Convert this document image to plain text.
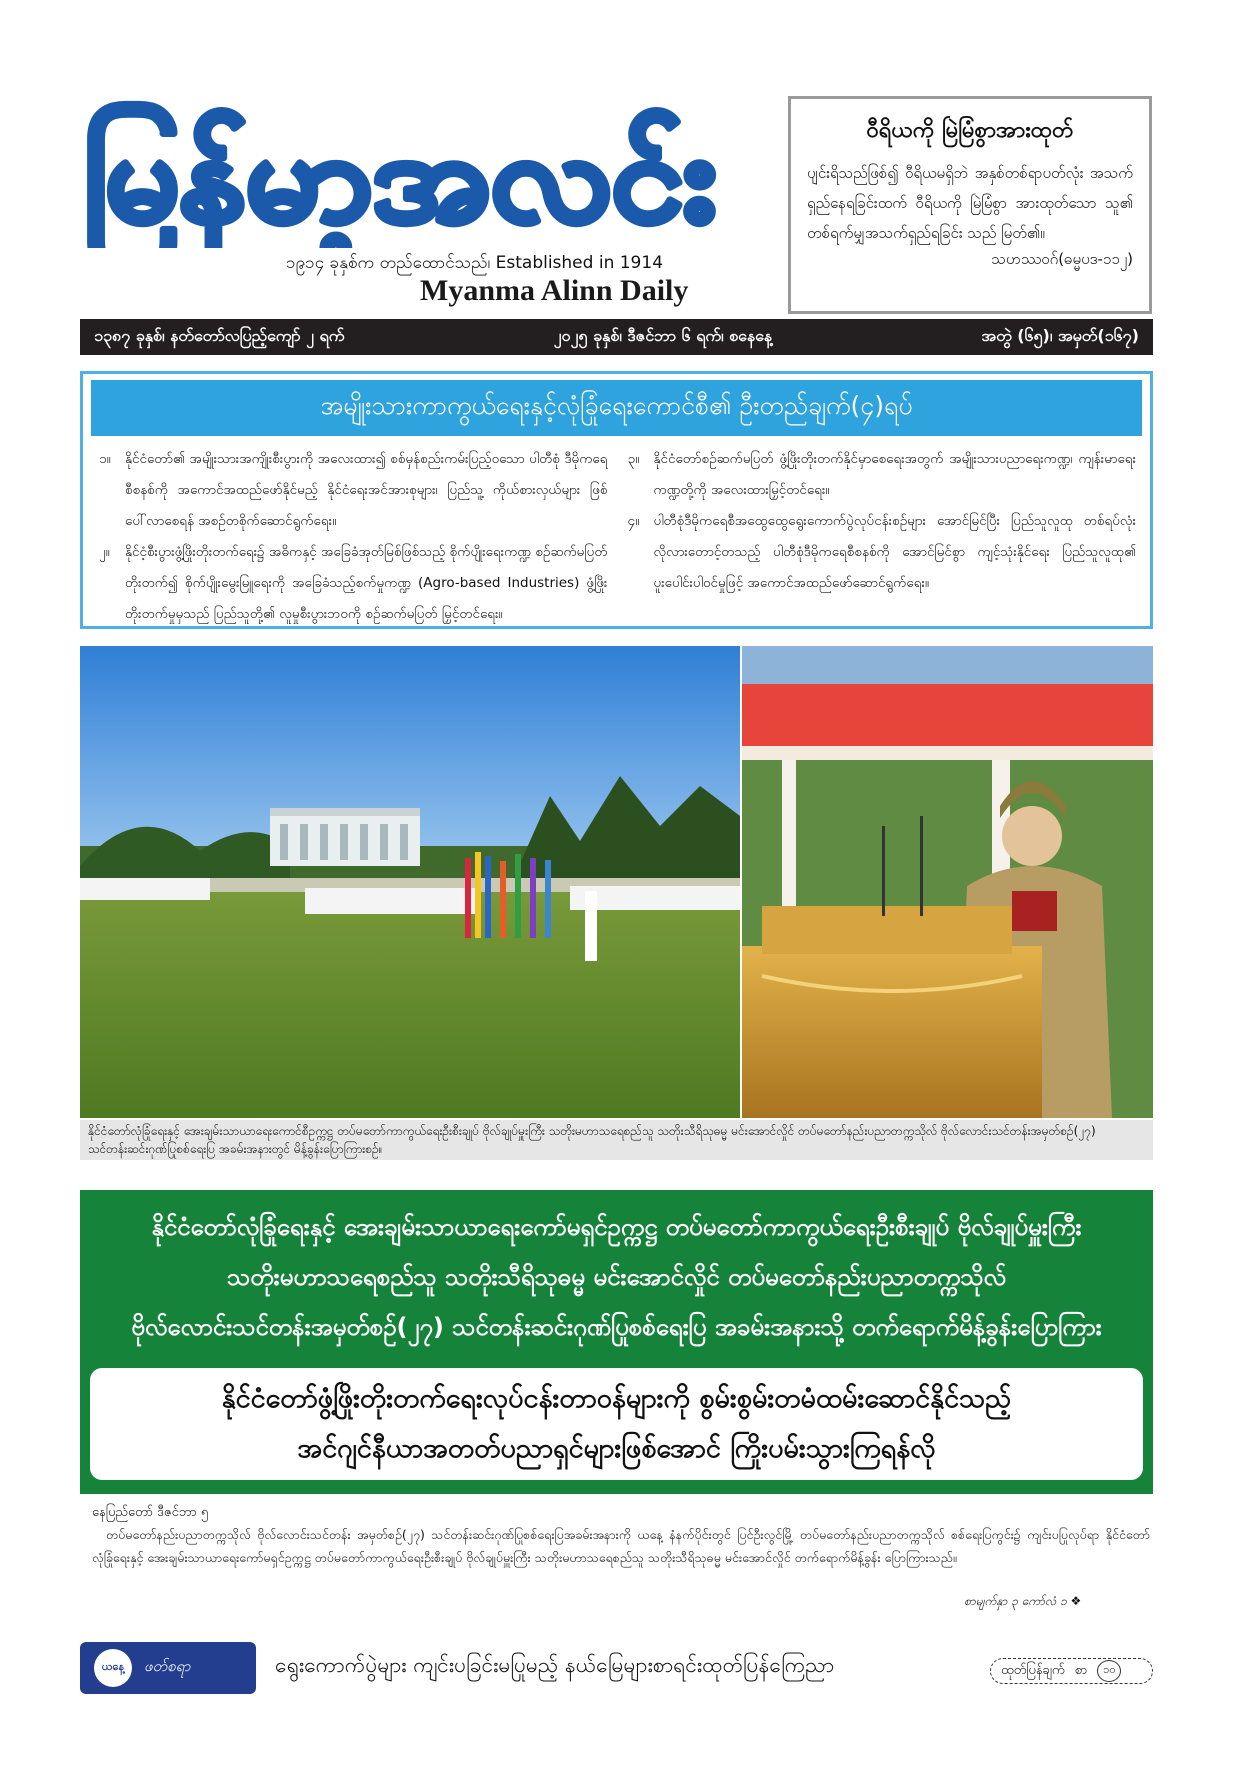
မြန်မာ့အလင်း
၁၉၁၄ ခုနှစ်က တည်ထောင်သည်၊ Established in 1914
Myanma Alinn Daily
ဝီရိယကို မြဲမြံစွာအားထုတ်
ပျင်းရိသည်ဖြစ်၍ ဝီရိယမရှိဘဲ အနှစ်တစ်ရာပတ်လုံး အသက်ရှည်နေရခြင်းထက် ဝီရိယကို မြဲမြံစွာ အားထုတ်သော သူ၏ တစ်ရက်မျှအသက်ရှည်ရခြင်း သည် မြတ်၏။
သဟဿဝဂ်(ဓမ္မပဒ-၁၁၂)
၁၃၈၇ ခုနှစ်၊ နတ်တော်လပြည့်ကျော် ၂ ရက်	၂၀၂၅ ခုနှစ်၊ ဒီဇင်ဘာ ၆ ရက်၊ စနေနေ့	အတွဲ (၆၅)၊ အမှတ်(၁၆၇)
အမျိုးသားကာကွယ်ရေးနှင့်လုံခြုံရေးကောင်စီ၏ ဦးတည်ချက်(၄)ရပ်
၁။	နိုင်ငံတော်၏ အမျိုးသားအကျိုးစီးပွားကို အလေးထား၍ စစ်မှန်စည်းကမ်းပြည့်ဝသော ပါတီစုံ ဒီမိုကရေစီစနစ်ကို အကောင်အထည်ဖော်နိုင်မည့် နိုင်ငံရေးအင်အားစုများ၊ ပြည်သူ့ ကိုယ်စားလှယ်များ ဖြစ်ပေါ်လာစေရန် အစဉ်တစိုက်ဆောင်ရွက်ရေး။
၂။	နိုင်ငံ့စီးပွားဖွံ့ဖြိုးတိုးတက်ရေး၌ အဓိကနှင့် အခြေခံအုတ်မြစ်ဖြစ်သည့် စိုက်ပျိုးရေးကဏ္ဍ စဉ်ဆက်မပြတ်တိုးတက်၍ စိုက်ပျိုးမွေးမြူရေးကို အခြေခံသည့်စက်မှုကဏ္ဍ (Agro-based Industries) ဖွံ့ဖြိုးတိုးတက်မှုမှသည် ပြည်သူတို့၏ လူမှုစီးပွားဘဝကို စဉ်ဆက်မပြတ် မြှင့်တင်ရေး။
၃။	နိုင်ငံတော်စဉ်ဆက်မပြတ် ဖွံ့ဖြိုးတိုးတက်နိုင်မှာစေရေးအတွက် အမျိုးသားပညာရေးကဏ္ဍ၊ ကျန်းမာရေးကဏ္ဍတို့ကို အလေးထားမြှင့်တင်ရေး။
၄။	ပါတီစုံဒီမိုကရေစီအထွေထွေရွေးကောက်ပွဲလုပ်ငန်းစဉ်များ အောင်မြင်ပြီး ပြည်သူလူထု တစ်ရပ်လုံး လိုလားတောင့်တသည့် ပါတီစုံဒီမိုကရေစီစနစ်ကို အောင်မြင်စွာ ကျင့်သုံးနိုင်ရေး ပြည်သူလူထု၏ ပူးပေါင်းပါဝင်မှုဖြင့် အကောင်အထည်ဖော်ဆောင်ရွက်ရေး။
နိုင်ငံတော်လုံခြုံရေးနှင့် အေးချမ်းသာယာရေးကောင်စီဥက္ကဋ္ဌ တပ်မတော်ကာကွယ်ရေးဦးစီးချုပ် ဗိုလ်ချုပ်မှူးကြီး သတိုးမဟာသရေစည်သူ သတိုးသီရိသုဓမ္မ မင်းအောင်လှိုင် တပ်မတော်နည်းပညာတက္ကသိုလ် ဗိုလ်လောင်းသင်တန်းအမှတ်စဉ်(၂၇) သင်တန်းဆင်းဂုဏ်ပြုစစ်ရေးပြ အခမ်းအနားတွင် မိန့်ခွန်းပြောကြားစဉ်။
နိုင်ငံတော်လုံခြုံရေးနှင့် အေးချမ်းသာယာရေးကော်မရှင်ဥက္ကဋ္ဌ တပ်မတော်ကာကွယ်ရေးဦးစီးချုပ် ဗိုလ်ချုပ်မှူးကြီး
သတိုးမဟာသရေစည်သူ သတိုးသီရိသုဓမ္မ မင်းအောင်လှိုင် တပ်မတော်နည်းပညာတက္ကသိုလ်
ဗိုလ်လောင်းသင်တန်းအမှတ်စဉ်(၂၇) သင်တန်းဆင်းဂုဏ်ပြုစစ်ရေးပြ အခမ်းအနားသို့ တက်ရောက်မိန့်ခွန်းပြောကြား
နိုင်ငံတော်ဖွံ့ဖြိုးတိုးတက်ရေးလုပ်ငန်းတာဝန်များကို စွမ်းစွမ်းတမံထမ်းဆောင်နိုင်သည့်
အင်ဂျင်နီယာအတတ်ပညာရှင်များဖြစ်အောင် ကြိုးပမ်းသွားကြရန်လို
နေပြည်တော် ဒီဇင်ဘာ ၅
တပ်မတော်နည်းပညာတက္ကသိုလ် ဗိုလ်လောင်းသင်တန်း အမှတ်စဉ်(၂၇) သင်တန်းဆင်းဂုဏ်ပြုစစ်ရေးပြအခမ်းအနားကို ယနေ့ နံနက်ပိုင်းတွင် ပြင်ဦးလွင်မြို့ တပ်မတော်နည်းပညာတက္ကသိုလ် စစ်ရေးပြကွင်း၌ ကျင်းပပြုလုပ်ရာ နိုင်ငံတော်လုံခြုံရေးနှင့် အေးချမ်းသာယာရေးကော်မရှင်ဥက္ကဋ္ဌ တပ်မတော်ကာကွယ်ရေးဦးစီးချုပ် ဗိုလ်ချုပ်မှူးကြီး သတိုးမဟာသရေစည်သူ သတိုးသီရိသုဓမ္မ မင်းအောင်လှိုင် တက်ရောက်မိန့်ခွန်း ပြောကြားသည်။
စာမျက်နှာ ၃ ကော်လံ ၁ ❖
ယနေ့	ဖတ်စရာ	ရွေးကောက်ပွဲများ ကျင်းပခြင်းမပြုမည့် နယ်မြေများစာရင်းထုတ်ပြန်ကြေညာ	ထုတ်ပြန်ချက် စာ	၁၀
